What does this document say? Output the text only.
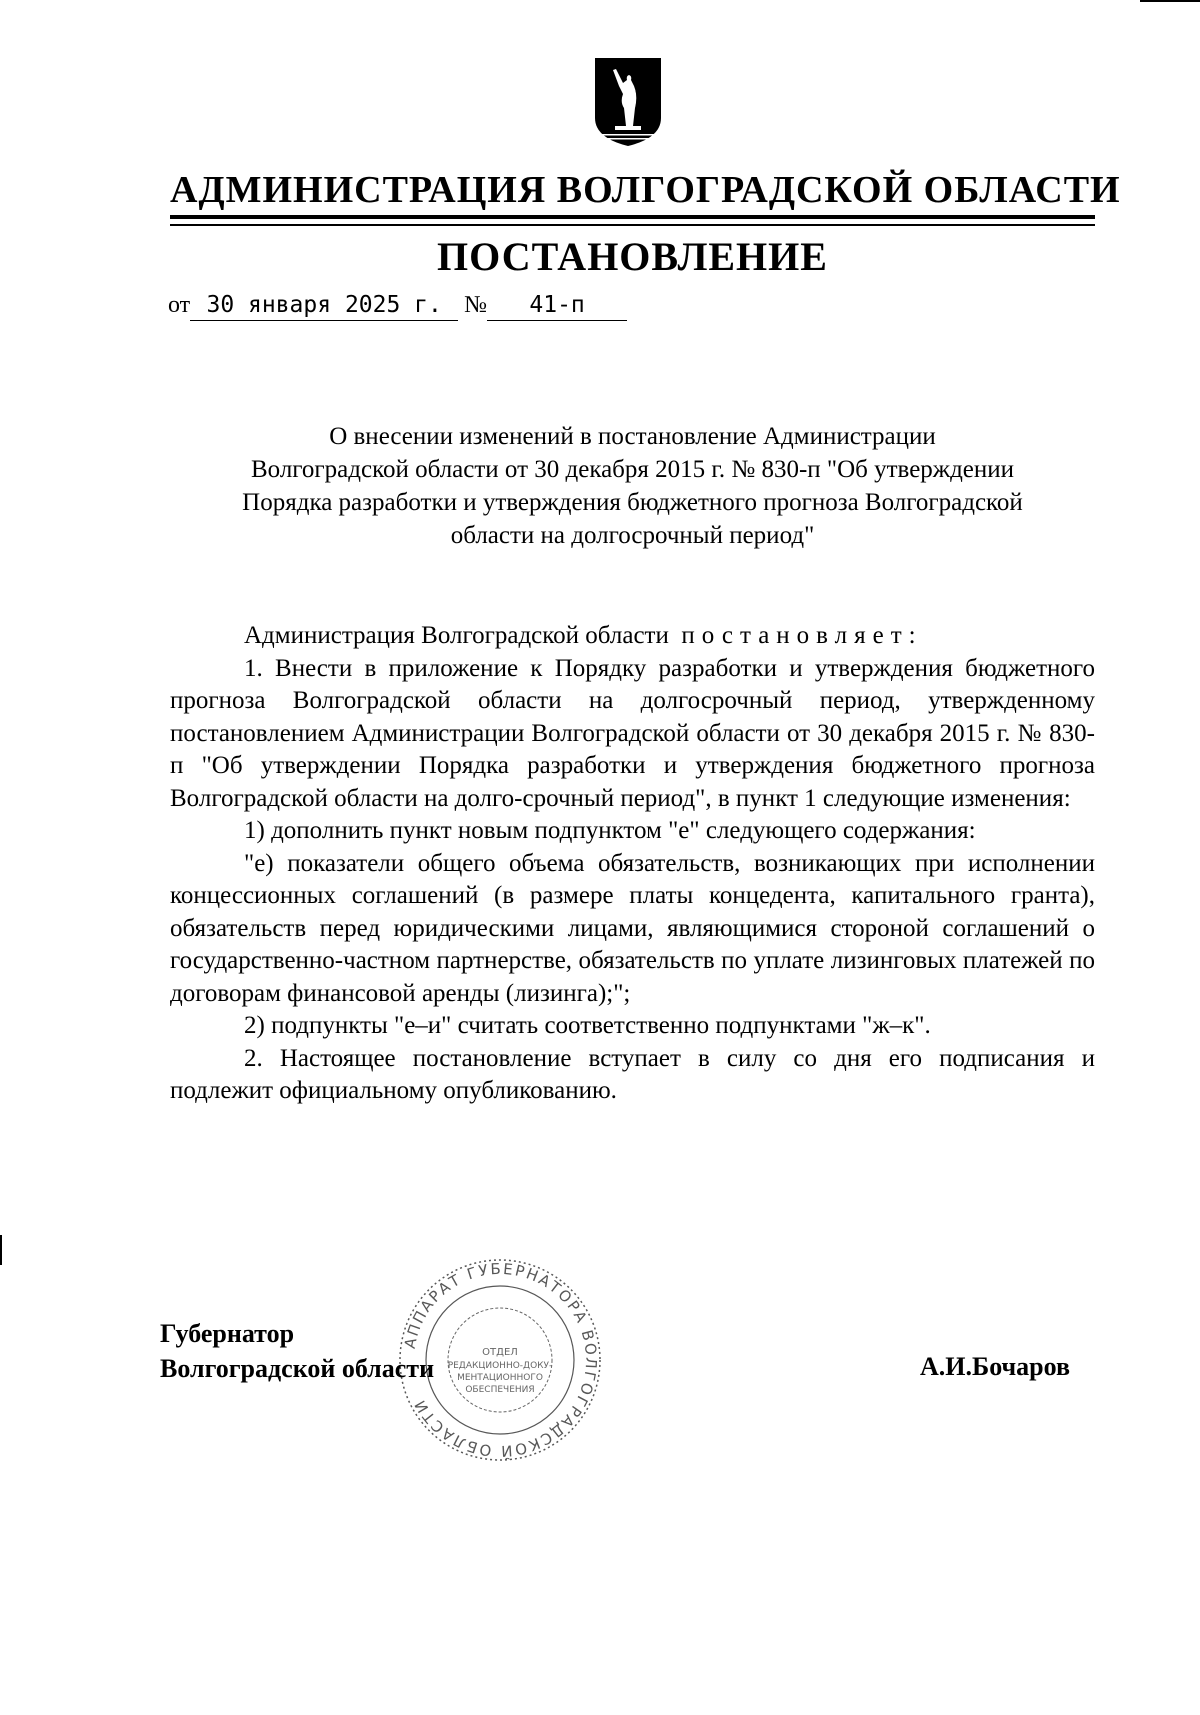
АДМИНИСТРАЦИЯ ВОЛГОГРАДСКОЙ ОБЛАСТИ
ПОСТАНОВЛЕНИЕ
от 30 января 2025 г. № 41-п
О внесении изменений в постановление Администрации
Волгоградской области от 30 декабря 2015 г. № 830-п "Об утверждении
Порядка разработки и утверждения бюджетного прогноза Волгоградской
области на долгосрочный период"

Администрация Волгоградской области постановляет:

1. Внести в приложение к Порядку разработки и утверждения бюджетного прогноза Волгоградской области на долгосрочный период, утвержденному постановлением Администрации Волгоградской области от 30 декабря 2015 г. № 830-п "Об утверждении Порядка разработки и утверждения бюджетного прогноза Волгоградской области на долго-срочный период", в пункт 1 следующие изменения:

1) дополнить пункт новым подпунктом "е" следующего содержания:

"е) показатели общего объема обязательств, возникающих при исполнении концессионных соглашений (в размере платы концедента, капитального гранта), обязательств перед юридическими лицами, являющимися стороной соглашений о государственно-частном партнерстве, обязательств по уплате лизинговых платежей по договорам финансовой аренды (лизинга);";

2) подпункты "е–и" считать соответственно подпунктами "ж–к".

2. Настоящее постановление вступает в силу со дня его подписания и подлежит официальному опубликованию.

АППАРАТ ГУБЕРНАТОРА ВОЛГОГРАДСКОЙ ОБЛАСТИ
ОТДЕЛ
РЕДАКЦИОННО-ДОКУ-
МЕНТАЦИОННОГО
ОБЕСПЕЧЕНИЯ
Губернатор
Волгоградской области	А.И.Бочаров
